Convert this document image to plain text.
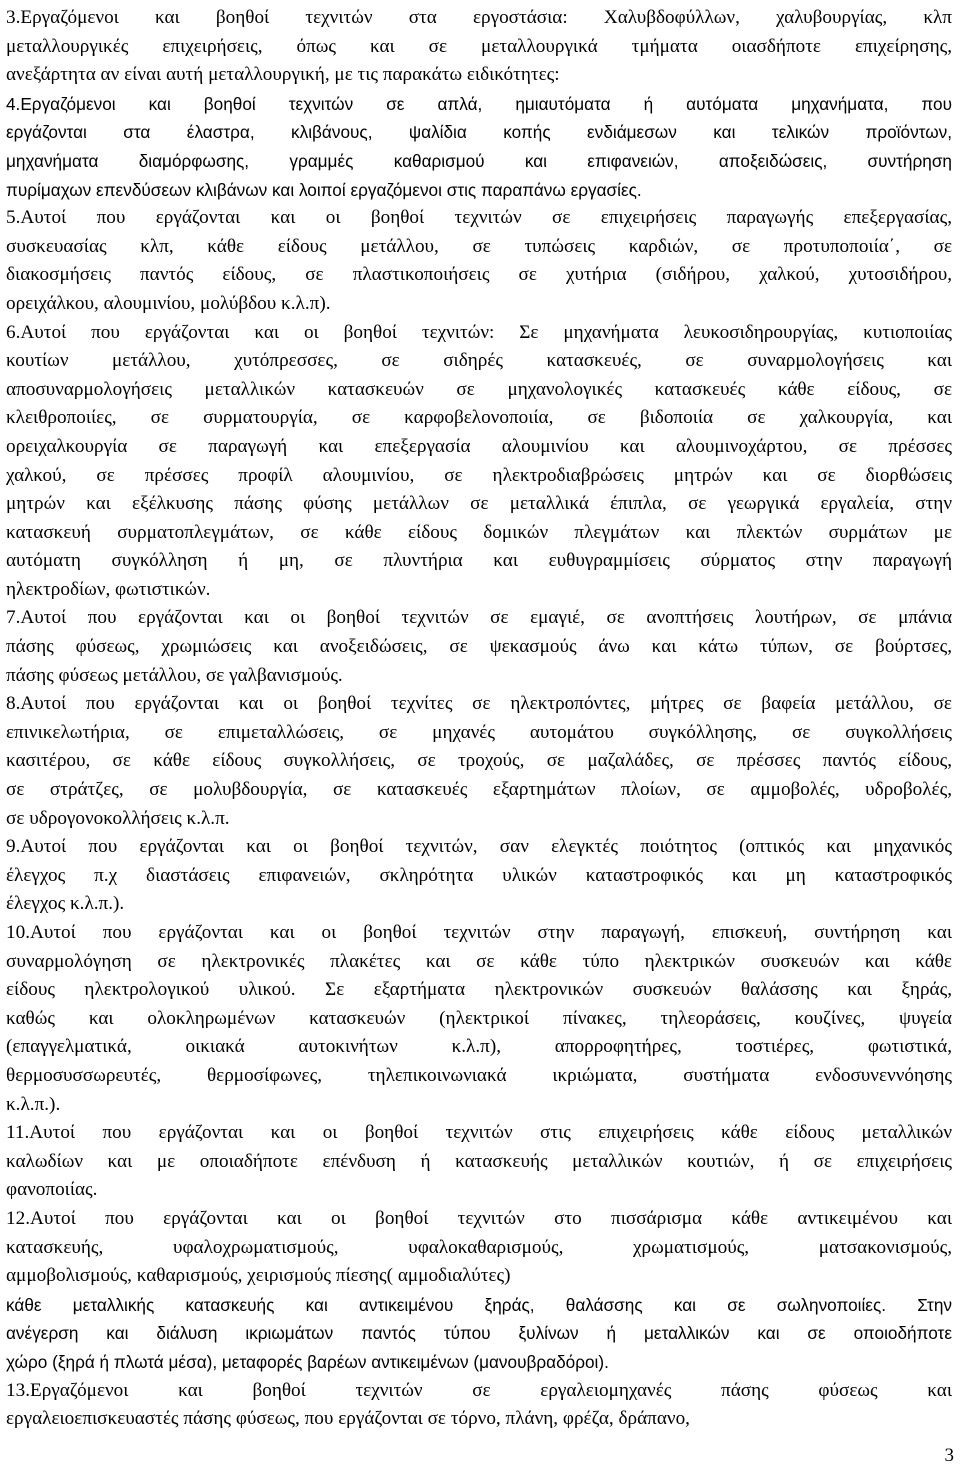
3.Εργαζόμενοι και βοηθοί τεχνιτών στα εργοστάσια: Χαλυβδοφύλλων, χαλυβουργίας, κλπ
μεταλλουργικές επιχειρήσεις, όπως και σε μεταλλουργικά τμήματα οιασδήποτε επιχείρησης,
ανεξάρτητα αν είναι αυτή μεταλλουργική, με τις παρακάτω ειδικότητες:
4.Εργαζόμενοι και βοηθοί τεχνιτών σε απλά, ημιαυτόματα ή αυτόματα μηχανήματα, που
εργάζονται στα έλαστρα, κλιβάνους, ψαλίδια κοπής ενδιάμεσων και τελικών προϊόντων,
μηχανήματα διαμόρφωσης, γραμμές καθαρισμού και επιφανειών, αποξειδώσεις, συντήρηση
πυρίμαχων επενδύσεων κλιβάνων και λοιποί εργαζόμενοι στις παραπάνω εργασίες.
5.Αυτοί που εργάζονται και οι βοηθοί τεχνιτών σε επιχειρήσεις παραγωγής επεξεργασίας,
συσκευασίας κλπ, κάθε είδους μετάλλου, σε τυπώσεις καρδιών, σε προτυποποιία΄, σε
διακοσμήσεις παντός είδους, σε πλαστικοποιήσεις σε χυτήρια (σιδήρου, χαλκού, χυτοσιδήρου,
ορειχάλκου, αλουμινίου, μολύβδου κ.λ.π).
6.Αυτοί που εργάζονται και οι βοηθοί τεχνιτών: Σε μηχανήματα λευκοσιδηρουργίας, κυτιοποιίας
κουτίων μετάλλου, χυτόπρεσσες, σε σιδηρές κατασκευές, σε συναρμολογήσεις και
αποσυναρμολογήσεις μεταλλικών κατασκευών σε μηχανολογικές κατασκευές κάθε είδους, σε
κλειθροποιίες, σε συρματουργία, σε καρφοβελονοποιία, σε βιδοποιία σε χαλκουργία, και
ορειχαλκουργία σε παραγωγή και επεξεργασία αλουμινίου και αλουμινοχάρτου, σε πρέσσες
χαλκού, σε πρέσσες προφίλ αλουμινίου, σε ηλεκτροδιαβρώσεις μητρών και σε διορθώσεις
μητρών και εξέλκυσης πάσης φύσης μετάλλων σε μεταλλικά έπιπλα, σε γεωργικά εργαλεία, στην
κατασκευή συρματοπλεγμάτων, σε κάθε είδους δομικών πλεγμάτων και πλεκτών συρμάτων με
αυτόματη συγκόλληση ή μη, σε πλυντήρια και ευθυγραμμίσεις σύρματος στην παραγωγή
ηλεκτροδίων, φωτιστικών.
7.Αυτοί που εργάζονται και οι βοηθοί τεχνιτών σε εμαγιέ, σε ανοπτήσεις λουτήρων, σε μπάνια
πάσης φύσεως, χρωμιώσεις και ανοξειδώσεις, σε ψεκασμούς άνω και κάτω τύπων, σε βούρτσες,
πάσης φύσεως μετάλλου, σε γαλβανισμούς.
8.Αυτοί που εργάζονται και οι βοηθοί τεχνίτες σε ηλεκτροπόντες, μήτρες σε βαφεία μετάλλου, σε
επινικελωτήρια, σε επιμεταλλώσεις, σε μηχανές αυτομάτου συγκόλλησης, σε συγκολλήσεις
κασιτέρου, σε κάθε είδους συγκολλήσεις, σε τροχούς, σε μαζαλάδες, σε πρέσσες παντός είδους,
σε στράτζες, σε μολυβδουργία, σε κατασκευές εξαρτημάτων πλοίων, σε αμμοβολές, υδροβολές,
σε υδρογονοκολλήσεις κ.λ.π.
9.Αυτοί που εργάζονται και οι βοηθοί τεχνιτών, σαν ελεγκτές ποιότητος (οπτικός και μηχανικός
έλεγχος π.χ διαστάσεις επιφανειών, σκληρότητα υλικών καταστροφικός και μη καταστροφικός
έλεγχος κ.λ.π.).
10.Αυτοί που εργάζονται και οι βοηθοί τεχνιτών στην παραγωγή, επισκευή, συντήρηση και
συναρμολόγηση σε ηλεκτρονικές πλακέτες και σε κάθε τύπο ηλεκτρικών συσκευών και κάθε
είδους ηλεκτρολογικού υλικού. Σε εξαρτήματα ηλεκτρονικών συσκευών θαλάσσης και ξηράς,
καθώς και ολοκληρωμένων κατασκευών (ηλεκτρικοί πίνακες, τηλεοράσεις, κουζίνες, ψυγεία
(επαγγελματικά, οικιακά αυτοκινήτων κ.λ.π), απορροφητήρες, τοστιέρες, φωτιστικά,
θερμοσυσσωρευτές, θερμοσίφωνες, τηλεπικοινωνιακά ικριώματα, συστήματα ενδοσυνεννόησης
κ.λ.π.).
11.Αυτοί που εργάζονται και οι βοηθοί τεχνιτών στις επιχειρήσεις κάθε είδους μεταλλικών
καλωδίων και με οποιαδήποτε επένδυση ή κατασκευής μεταλλικών κουτιών, ή σε επιχειρήσεις
φανοποιίας.
12.Αυτοί που εργάζονται και οι βοηθοί τεχνιτών στο πισσάρισμα κάθε αντικειμένου και
κατασκευής, υφαλοχρωματισμούς, υφαλοκαθαρισμούς, χρωματισμούς, ματσακονισμούς,
αμμοβολισμούς, καθαρισμούς, χειρισμούς πίεσης( αμμοδιαλύτες)
κάθε μεταλλικής κατασκευής και αντικειμένου ξηράς, θαλάσσης και σε σωληνοποιίες. Στην
ανέγερση και διάλυση ικριωμάτων παντός τύπου ξυλίνων ή μεταλλικών και σε οποιοδήποτε
χώρο (ξηρά ή πλωτά μέσα), μεταφορές βαρέων αντικειμένων (μανουβραδόροι).
13.Εργαζόμενοι και βοηθοί τεχνιτών σε εργαλειομηχανές πάσης φύσεως και
εργαλειοεπισκευαστές πάσης φύσεως, που εργάζονται σε τόρνο, πλάνη, φρέζα, δράπανο,
3
